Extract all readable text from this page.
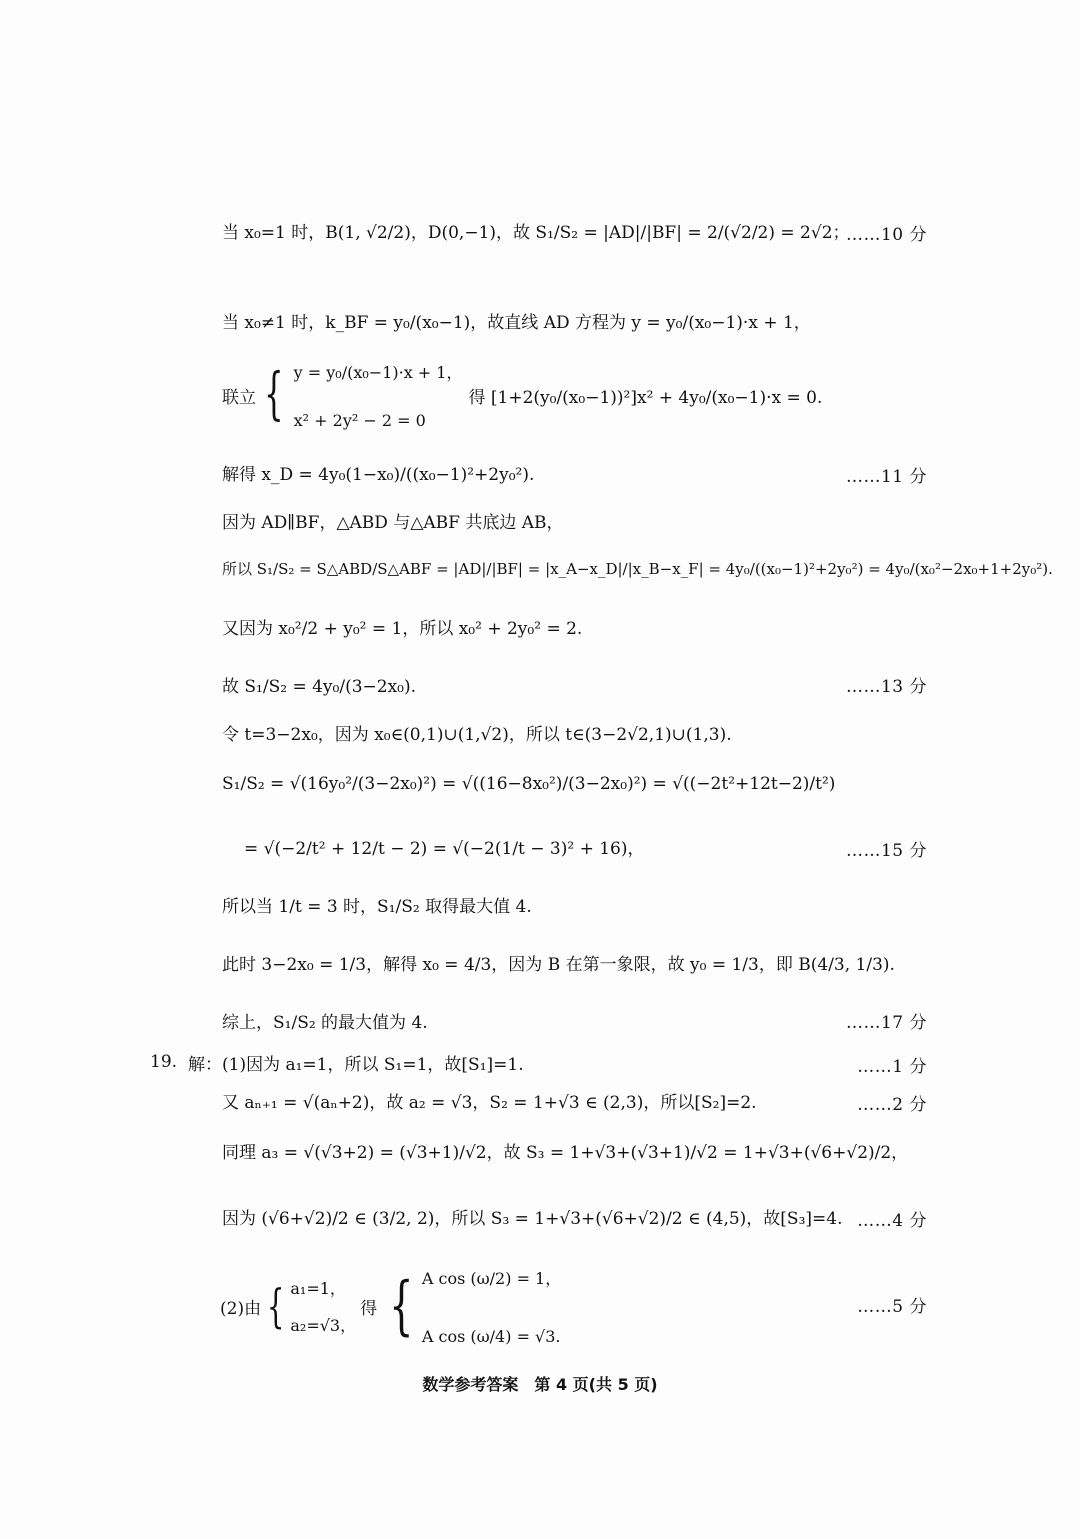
当 x₀=1 时，B(1, √2/2)，D(0,−1)，故 S₁/S₂ = |AD|/|BF| = 2/(√2/2) = 2√2；
……10 分
当 x₀≠1 时，k_BF = y₀/(x₀−1)，故直线 AD 方程为 y = y₀/(x₀−1)·x + 1，
联立 { y = y₀/(x₀−1)·x + 1，
x² + 2y² − 2 = 0
得 [1+2(y₀/(x₀−1))²]x² + 4y₀/(x₀−1)·x = 0.
解得 x_D = 4y₀(1−x₀)/((x₀−1)²+2y₀²).	……11 分
因为 AD∥BF，△ABD 与△ABF 共底边 AB，
所以 S₁/S₂ = S△ABD/S△ABF = |AD|/|BF| = |x_A−x_D|/|x_B−x_F| = 4y₀/((x₀−1)²+2y₀²) = 4y₀/(x₀²−2x₀+1+2y₀²).
又因为 x₀²/2 + y₀² = 1，所以 x₀² + 2y₀² = 2.
故 S₁/S₂ = 4y₀/(3−2x₀).	……13 分
令 t=3−2x₀，因为 x₀∈(0,1)∪(1,√2)，所以 t∈(3−2√2,1)∪(1,3).
S₁/S₂ = √(16y₀²/(3−2x₀)²) = √((16−8x₀²)/(3−2x₀)²) = √((−2t²+12t−2)/t²)
= √(−2/t² + 12/t − 2) = √(−2(1/t − 3)² + 16)，	……15 分
所以当 1/t = 3 时，S₁/S₂ 取得最大值 4.
此时 3−2x₀ = 1/3，解得 x₀ = 4/3，因为 B 在第一象限，故 y₀ = 1/3，即 B(4/3, 1/3).
综上，S₁/S₂ 的最大值为 4.	……17 分
19. 解：(1)因为 a₁=1，所以 S₁=1，故[S₁]=1.	……1 分
又 aₙ₊₁ = √(aₙ+2)，故 a₂ = √3，S₂ = 1+√3 ∈ (2,3)，所以[S₂]=2.	……2 分
同理 a₃ = √(√3+2) = (√3+1)/√2，故 S₃ = 1+√3+(√3+1)/√2 = 1+√3+(√6+√2)/2，
因为 (√6+√2)/2 ∈ (3/2, 2)，所以 S₃ = 1+√3+(√6+√2)/2 ∈ (4,5)，故[S₃]=4. ……4 分
(2)由 { a₁=1，
a₂=√3，
得 { A cos (ω/2) = 1，
A cos (ω/4) = √3.
……5 分
数学参考答案　第 4 页(共 5 页)
